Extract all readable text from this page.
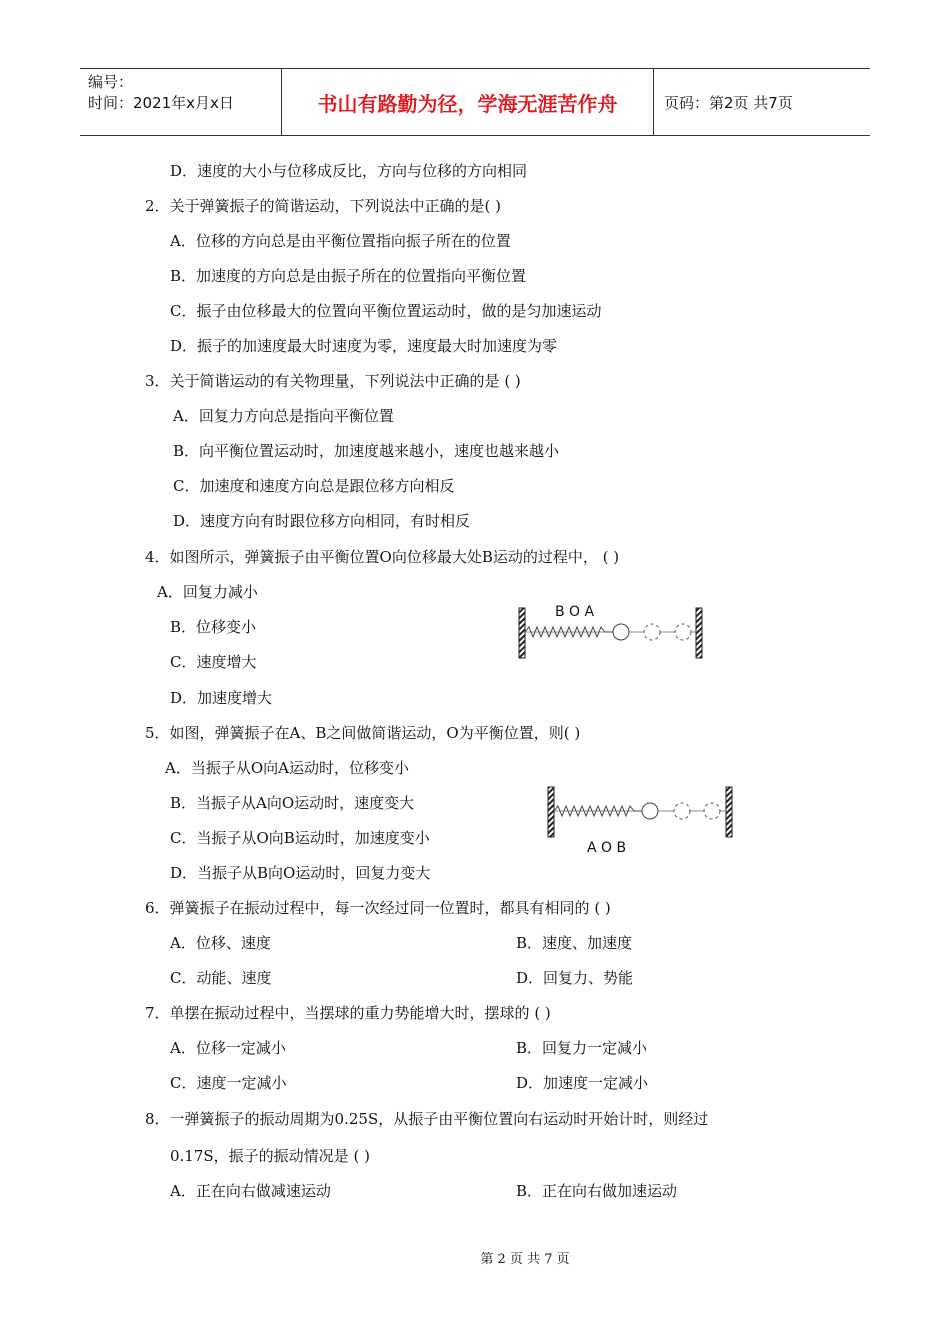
编号：
时间：2021年x月x日	书山有路勤为径，学海无涯苦作舟	页码：第2页 共7页
D．速度的大小与位移成反比，方向与位移的方向相同
2．关于弹簧振子的简谐运动，下列说法中正确的是( )
A．位移的方向总是由平衡位置指向振子所在的位置
B．加速度的方向总是由振子所在的位置指向平衡位置
C．振子由位移最大的位置向平衡位置运动时，做的是匀加速运动
D．振子的加速度最大时速度为零，速度最大时加速度为零
3．关于简谐运动的有关物理量，下列说法中正确的是 ( )
A．回复力方向总是指向平衡位置
B．向平衡位置运动时，加速度越来越小，速度也越来越小
C．加速度和速度方向总是跟位移方向相反
D．速度方向有时跟位移方向相同，有时相反
4．如图所示，弹簧振子由平衡位置O向位移最大处B运动的过程中， ( )
A．回复力减小
B．位移变小
C．速度增大
D．加速度增大
B O A
5．如图，弹簧振子在A、B之间做简谐运动，O为平衡位置，则( )
A．当振子从O向A运动时，位移变小
B．当振子从A向O运动时，速度变大
C．当振子从O向B运动时，加速度变小
D．当振子从B向O运动时，回复力变大
A O B
6．弹簧振子在振动过程中，每一次经过同一位置时，都具有相同的 ( )
A．位移、速度	B．速度、加速度
C．动能、速度	D．回复力、势能
7．单摆在振动过程中，当摆球的重力势能增大时，摆球的 ( )
A．位移一定减小	B．回复力一定减小
C．速度一定减小	D．加速度一定减小
8．一弹簧振子的振动周期为0.25S，从振子由平衡位置向右运动时开始计时，则经过
0.17S，振子的振动情况是 ( )
A．正在向右做减速运动	B．正在向右做加速运动
第 2 页 共 7 页
